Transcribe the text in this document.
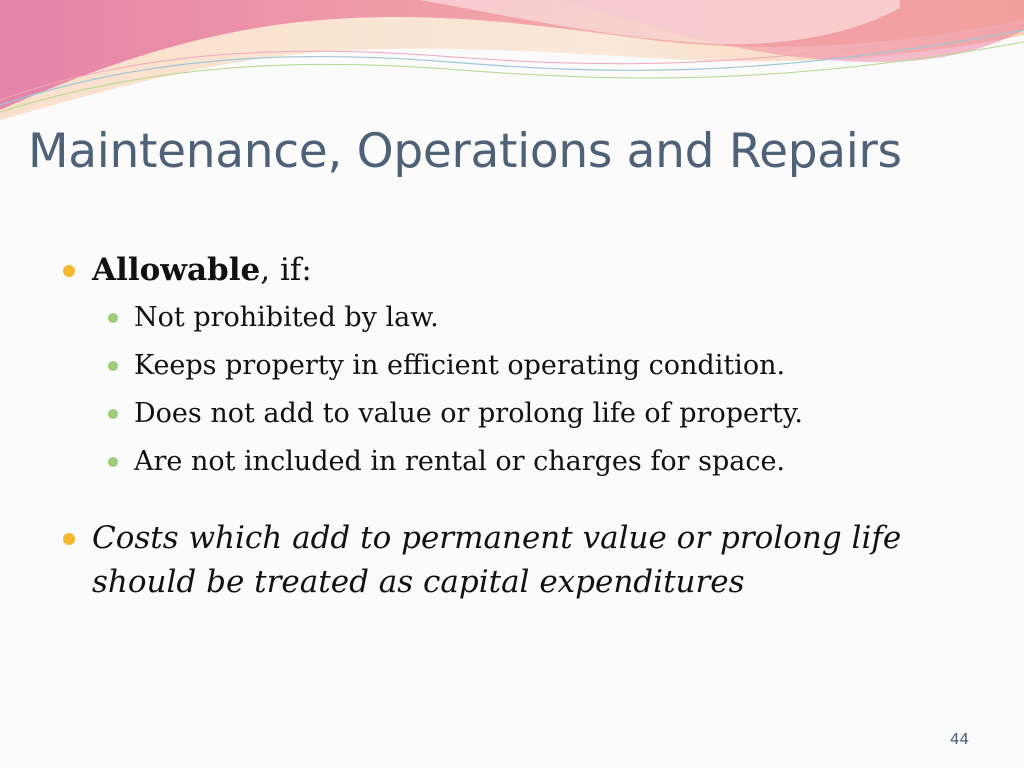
Maintenance, Operations and Repairs
Allowable, if:
Not prohibited by law.
Keeps property in efficient operating condition.
Does not add to value or prolong life of property.
Are not included in rental or charges for space.
Costs which add to permanent value or prolong life should be treated as capital expenditures
44
